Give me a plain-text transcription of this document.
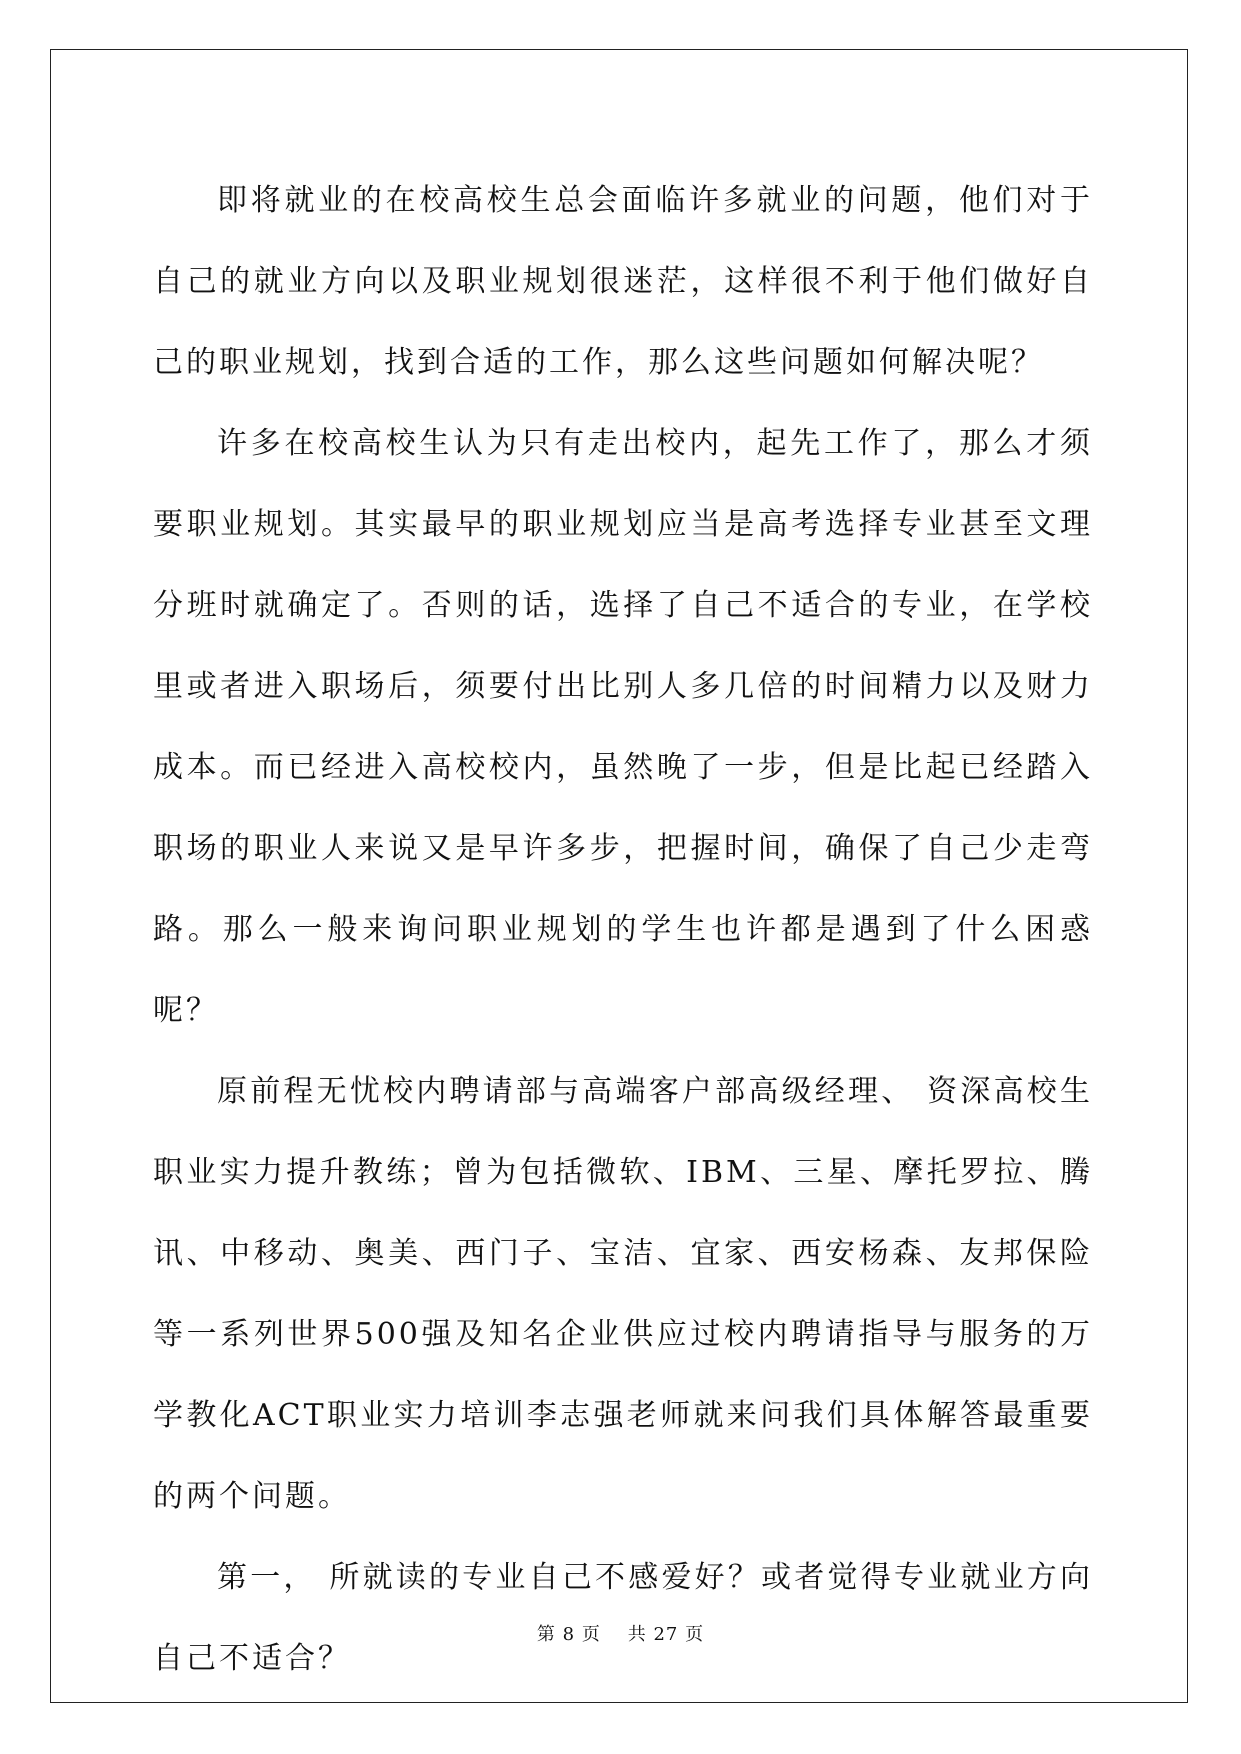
即将就业的在校高校生总会面临许多就业的问题，他们对于自己的就业方向以及职业规划很迷茫，这样很不利于他们做好自己的职业规划，找到合适的工作，那么这些问题如何解决呢？

许多在校高校生认为只有走出校内，起先工作了，那么才须要职业规划。其实最早的职业规划应当是高考选择专业甚至文理分班时就确定了。否则的话，选择了自己不适合的专业，在学校里或者进入职场后，须要付出比别人多几倍的时间精力以及财力成本。而已经进入高校校内，虽然晚了一步，但是比起已经踏入职场的职业人来说又是早许多步，把握时间，确保了自己少走弯路。那么一般来询问职业规划的学生也许都是遇到了什么困惑呢？

原前程无忧校内聘请部与高端客户部高级经理、 资深高校生职业实力提升教练；曾为包括微软、IBM、三星、摩托罗拉、腾讯、中移动、奥美、西门子、宝洁、宜家、西安杨森、友邦保险等一系列世界500强及知名企业供应过校内聘请指导与服务的万学教化ACT职业实力培训李志强老师就来问我们具体解答最重要的两个问题。

第一， 所就读的专业自己不感爱好？或者觉得专业就业方向自己不适合？

第 8 页 共 27 页
